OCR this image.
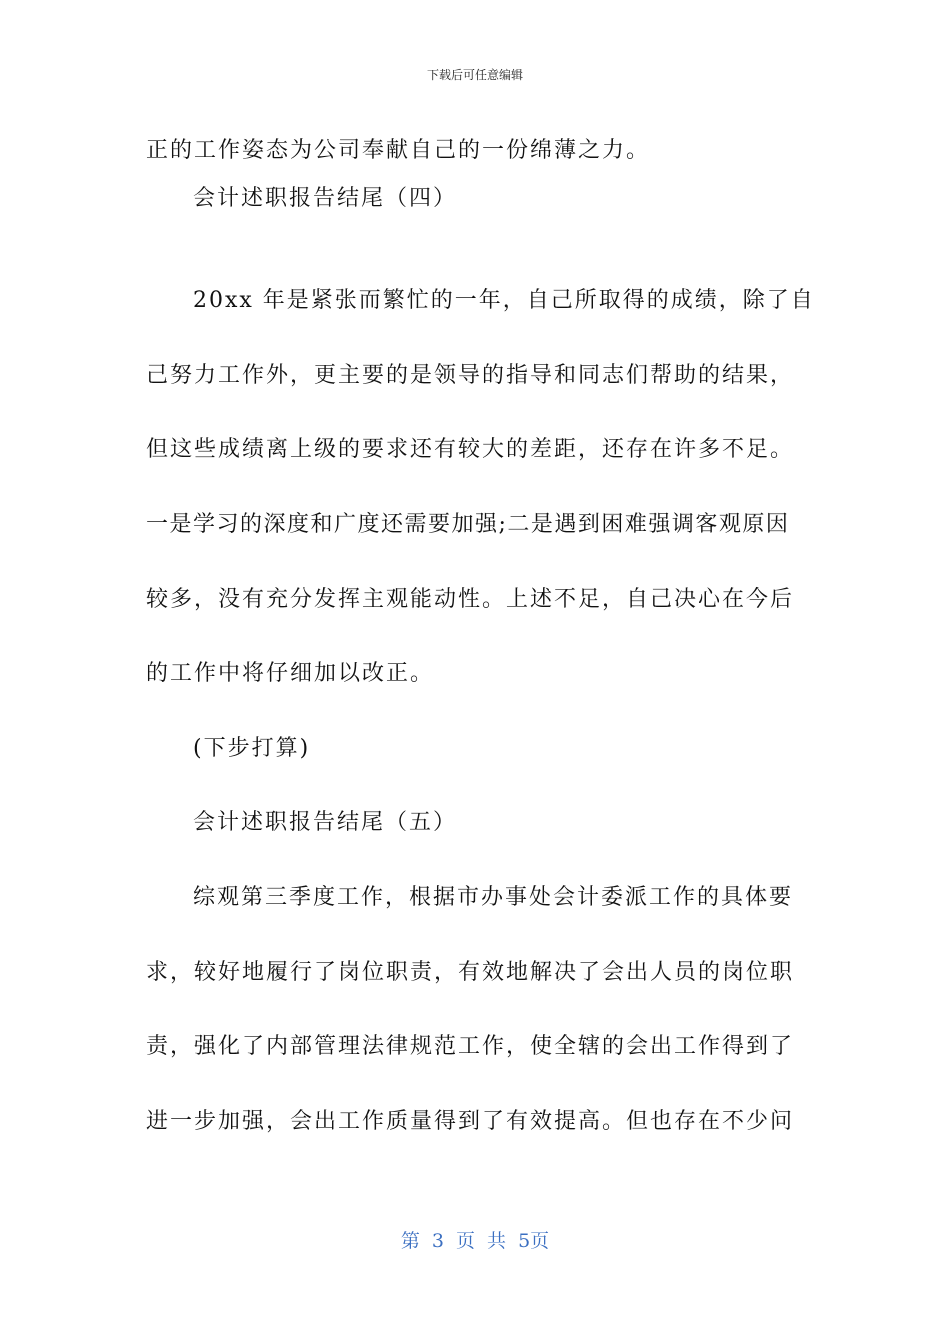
下载后可任意编辑
正的工作姿态为公司奉献自己的一份绵薄之力。
会计述职报告结尾（四）
20xx 年是紧张而繁忙的一年，自己所取得的成绩，除了自
己努力工作外，更主要的是领导的指导和同志们帮助的结果，
但这些成绩离上级的要求还有较大的差距，还存在许多不足。
一是学习的深度和广度还需要加强;二是遇到困难强调客观原因
较多，没有充分发挥主观能动性。上述不足，自己决心在今后
的工作中将仔细加以改正。
(下步打算)
会计述职报告结尾（五）
综观第三季度工作，根据市办事处会计委派工作的具体要
求，较好地履行了岗位职责，有效地解决了会出人员的岗位职
责，强化了内部管理法律规范工作，使全辖的会出工作得到了
进一步加强，会出工作质量得到了有效提高。但也存在不少问
第 3 页 共 5页
